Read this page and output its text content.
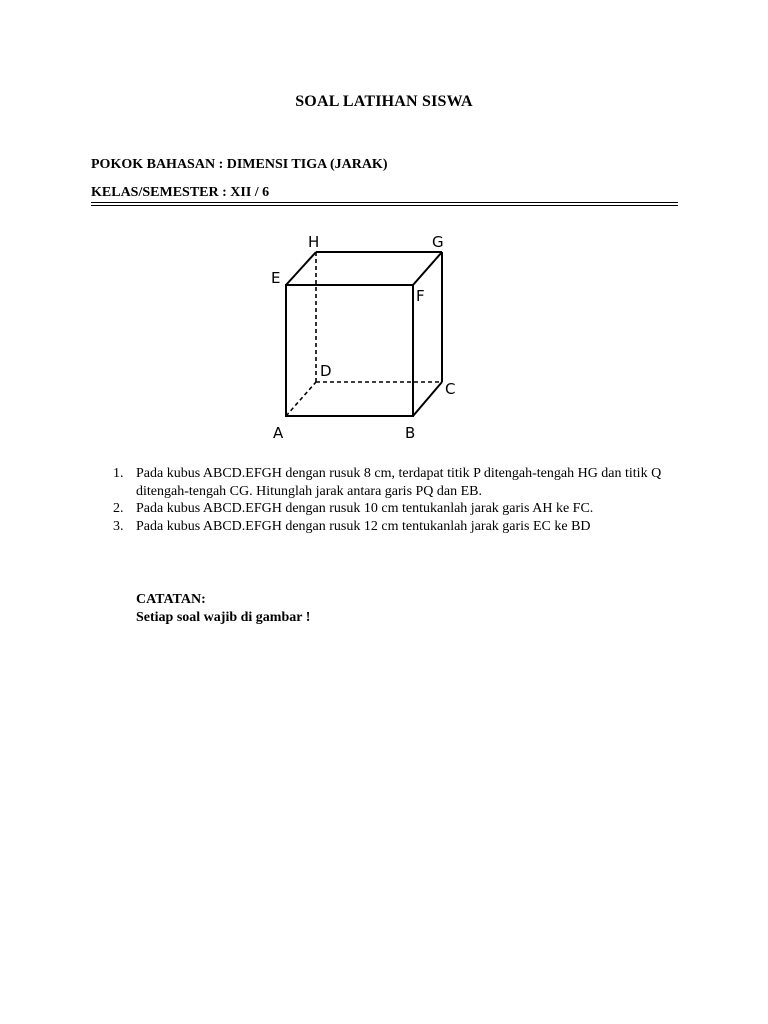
SOAL LATIHAN SISWA
POKOK BAHASAN : DIMENSI TIGA (JARAK)
KELAS/SEMESTER : XII / 6
A	B
C
D
E
F
G
H
1. Pada kubus ABCD.EFGH dengan rusuk 8 cm, terdapat titik P ditengah-tengah HG dan titik Q ditengah-tengah CG. Hitunglah jarak antara garis PQ dan EB.
2. Pada kubus ABCD.EFGH dengan rusuk 10 cm tentukanlah jarak garis AH ke FC.
3. Pada kubus ABCD.EFGH dengan rusuk 12 cm tentukanlah jarak garis EC ke BD
CATATAN:
Setiap soal wajib di gambar !
